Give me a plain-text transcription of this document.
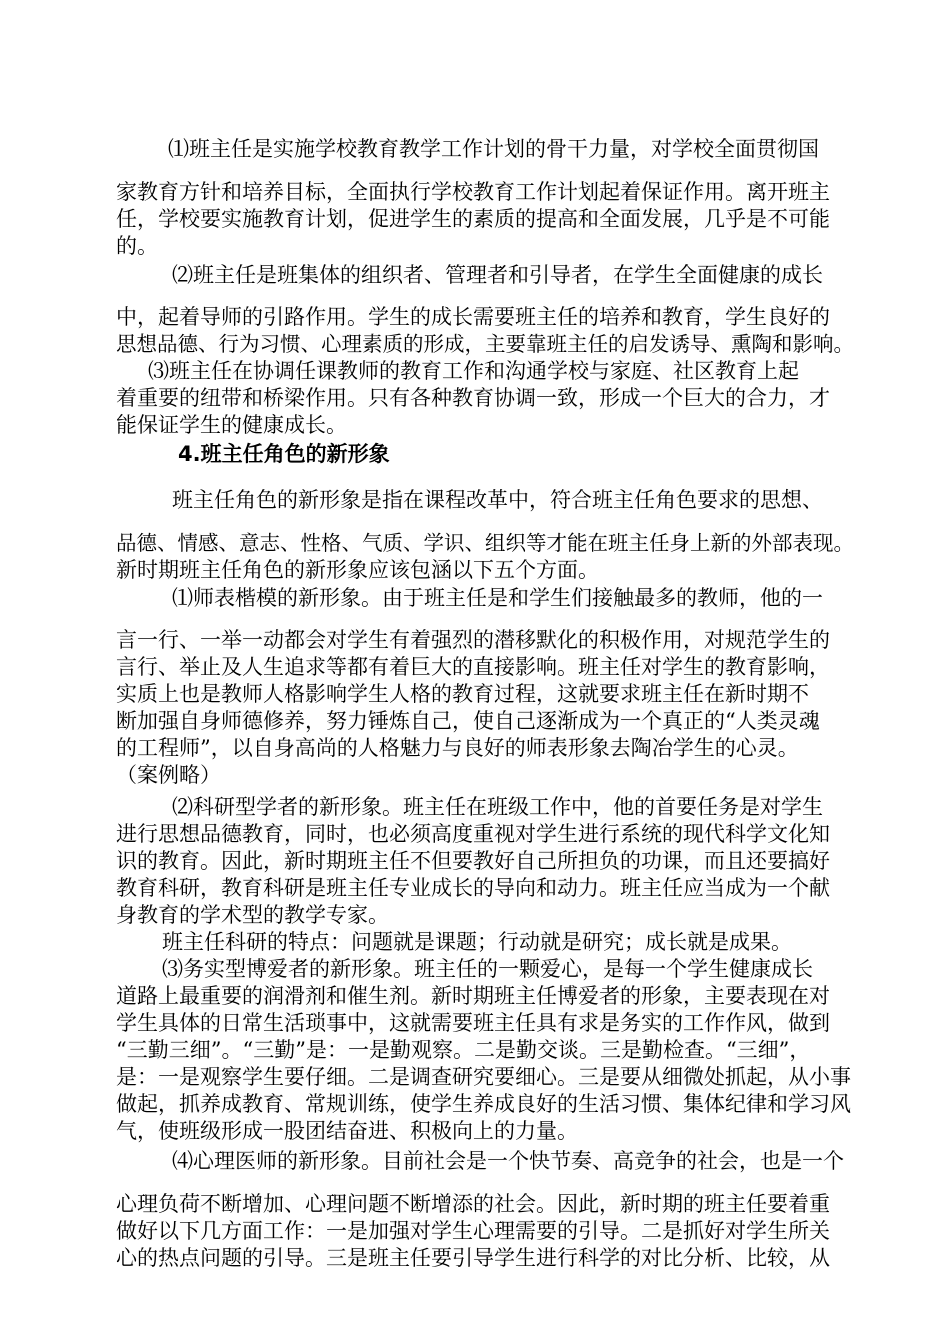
⑴班主任是实施学校教育教学工作计划的骨干力量，对学校全面贯彻国
家教育方针和培养目标，全面执行学校教育工作计划起着保证作用。离开班主
任，学校要实施教育计划，促进学生的素质的提高和全面发展，几乎是不可能
的。
⑵班主任是班集体的组织者、管理者和引导者，在学生全面健康的成长
中，起着导师的引路作用。学生的成长需要班主任的培养和教育，学生良好的
思想品德、行为习惯、心理素质的形成，主要靠班主任的启发诱导、熏陶和影响。
⑶班主任在协调任课教师的教育工作和沟通学校与家庭、社区教育上起
着重要的纽带和桥梁作用。只有各种教育协调一致，形成一个巨大的合力，才
能保证学生的健康成长。
4.班主任角色的新形象
班主任角色的新形象是指在课程改革中，符合班主任角色要求的思想、
品德、情感、意志、性格、气质、学识、组织等才能在班主任身上新的外部表现。
新时期班主任角色的新形象应该包涵以下五个方面。
⑴师表楷模的新形象。由于班主任是和学生们接触最多的教师，他的一
言一行、一举一动都会对学生有着强烈的潜移默化的积极作用，对规范学生的
言行、举止及人生追求等都有着巨大的直接影响。班主任对学生的教育影响，
实质上也是教师人格影响学生人格的教育过程，这就要求班主任在新时期不
断加强自身师德修养，努力锤炼自己，使自己逐渐成为一个真正的“人类灵魂
的工程师”，以自身高尚的人格魅力与良好的师表形象去陶冶学生的心灵。
（案例略）
⑵科研型学者的新形象。班主任在班级工作中，他的首要任务是对学生
进行思想品德教育，同时，也必须高度重视对学生进行系统的现代科学文化知
识的教育。因此，新时期班主任不但要教好自己所担负的功课，而且还要搞好
教育科研，教育科研是班主任专业成长的导向和动力。班主任应当成为一个献
身教育的学术型的教学专家。
班主任科研的特点：问题就是课题；行动就是研究；成长就是成果。
⑶务实型博爱者的新形象。班主任的一颗爱心，是每一个学生健康成长
道路上最重要的润滑剂和催生剂。新时期班主任博爱者的形象，主要表现在对
学生具体的日常生活琐事中，这就需要班主任具有求是务实的工作作风，做到
“三勤三细”。“三勤”是：一是勤观察。二是勤交谈。三是勤检查。“三细”，
是：一是观察学生要仔细。二是调查研究要细心。三是要从细微处抓起，从小事
做起，抓养成教育、常规训练，使学生养成良好的生活习惯、集体纪律和学习风
气，使班级形成一股团结奋进、积极向上的力量。
⑷心理医师的新形象。目前社会是一个快节奏、高竞争的社会，也是一个
心理负荷不断增加、心理问题不断增添的社会。因此，新时期的班主任要着重
做好以下几方面工作：一是加强对学生心理需要的引导。二是抓好对学生所关
心的热点问题的引导。三是班主任要引导学生进行科学的对比分析、比较，从
